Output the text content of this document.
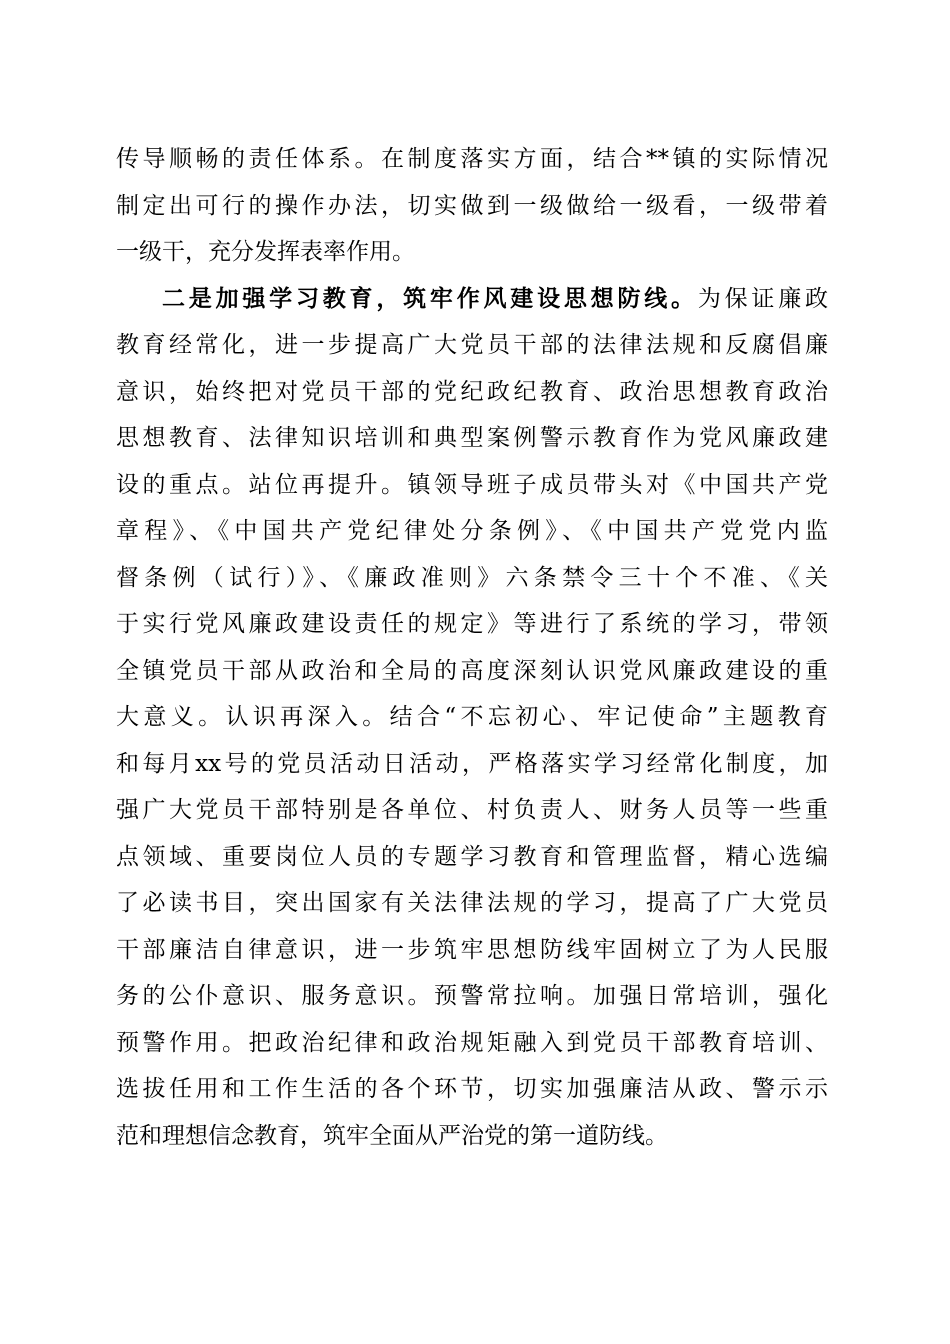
传导顺畅的责任体系。在制度落实方面，结合**镇的实际情况
制定出可行的操作办法，切实做到一级做给一级看，一级带着
一级干，充分发挥表率作用。
二是加强学习教育，筑牢作风建设思想防线。为保证廉政
教育经常化，进一步提高广大党员干部的法律法规和反腐倡廉
意识，始终把对党员干部的党纪政纪教育、政治思想教育政治
思想教育、法律知识培训和典型案例警示教育作为党风廉政建
设的重点。站位再提升。镇领导班子成员带头对《中国共产党
章程》、《中国共产党纪律处分条例》、《中国共产党党内监
督条例（试行）》、《廉政准则》六条禁令三十个不准、《关
于实行党风廉政建设责任的规定》等进行了系统的学习，带领
全镇党员干部从政治和全局的高度深刻认识党风廉政建设的重
大意义。认识再深入。结合“不忘初心、牢记使命”主题教育
和每月xx号的党员活动日活动，严格落实学习经常化制度，加
强广大党员干部特别是各单位、村负责人、财务人员等一些重
点领域、重要岗位人员的专题学习教育和管理监督，精心选编
了必读书目，突出国家有关法律法规的学习，提高了广大党员
干部廉洁自律意识，进一步筑牢思想防线牢固树立了为人民服
务的公仆意识、服务意识。预警常拉响。加强日常培训，强化
预警作用。把政治纪律和政治规矩融入到党员干部教育培训、
选拔任用和工作生活的各个环节，切实加强廉洁从政、警示示
范和理想信念教育，筑牢全面从严治党的第一道防线。
